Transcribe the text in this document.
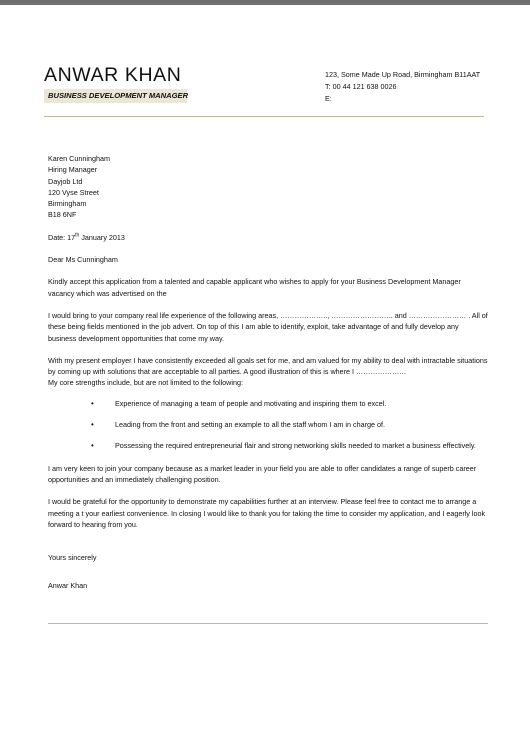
ANWAR KHAN
BUSINESS DEVELOPMENT MANAGER
123, Some Made Up Road, Birmingham B11AAT
T: 00 44 121 638 0026
E:
Karen Cunningham
Hiring Manager
Dayjob Ltd
120 Vyse Street
Birmingham
B18 6NF

Date: 17th January 2013

Dear Ms Cunningham

Kindly accept this application from a talented and capable applicant who wishes to apply for your Business Development Manager vacancy which was advertised on the

I would bring to your company real life experience of the following areas, ……………….., …………………….. and …………………… . All of these being fields mentioned in the job advert. On top of this I am able to identify, exploit, take advantage of and fully develop any business development opportunities that come my way.

With my present employer I have consistently exceeded all goals set for me, and am valued for my ability to deal with intractable situations by coming up with solutions that are acceptable to all parties. A good illustration of this is where I …………………

My core strengths include, but are not limited to the following:

•	Experience of managing a team of people and motivating and inspiring them to excel.
•	Leading from the front and setting an example to all the staff whom I am in charge of.
•	Possessing the required entrepreneurial flair and strong networking skills needed to market a business effectively.

I am very keen to join your company because as a market leader in your field you are able to offer candidates a range of superb career opportunities and an immediately challenging position.

I would be grateful for the opportunity to demonstrate my capabilities further at an interview. Please feel free to contact me to arrange a meeting a t your earliest convenience. In closing I would like to thank you for taking the time to consider my application, and I eagerly look forward to hearing from you.

Yours sincerely

Anwar Khan
